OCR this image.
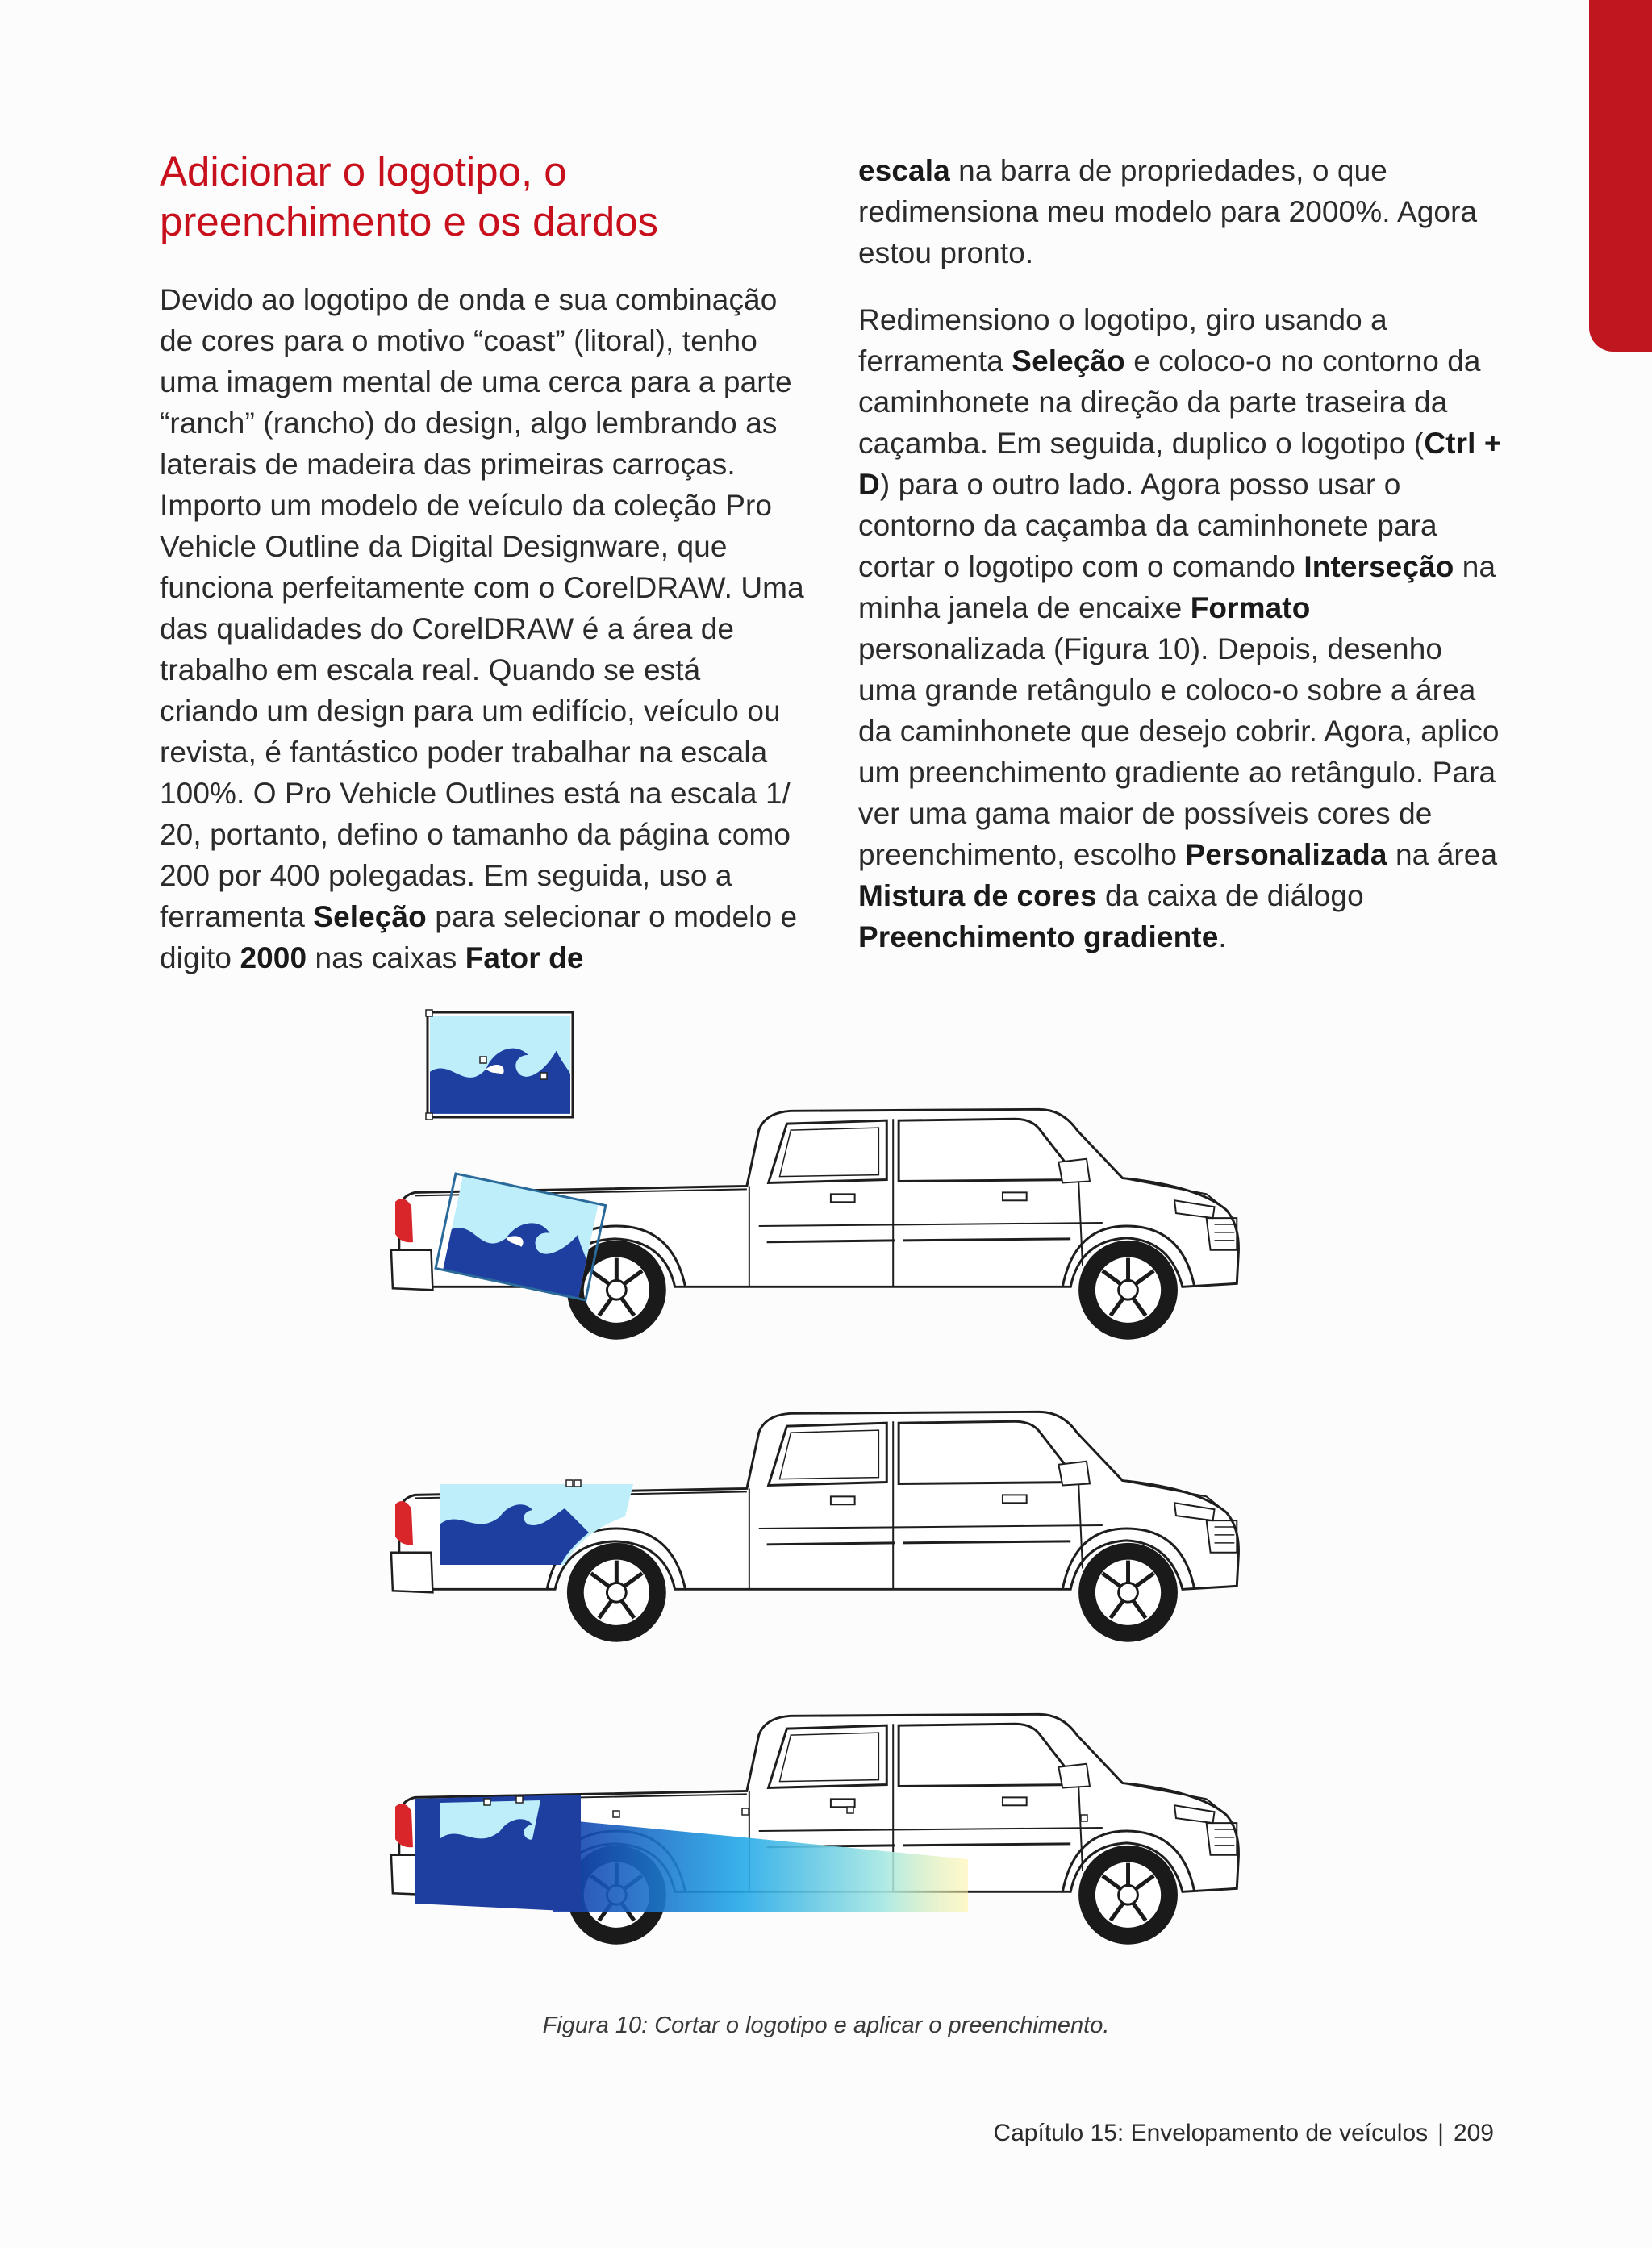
Adicionar o logotipo, o preenchimento e os dardos

Devido ao logotipo de onda e sua combinação de cores para o motivo “coast” (litoral), tenho uma imagem mental de uma cerca para a parte “ranch” (rancho) do design, algo lembrando as laterais de madeira das primeiras carroças. Importo um modelo de veículo da coleção Pro Vehicle Outline da Digital Designware, que funciona perfeitamente com o CorelDRAW. Uma das qualidades do CorelDRAW é a área de trabalho em escala real. Quando se está criando um design para um edifício, veículo ou revista, é fantástico poder trabalhar na escala 100%. O Pro Vehicle Outlines está na escala 1/ 20, portanto, defino o tamanho da página como 200 por 400 polegadas. Em seguida, uso a ferramenta Seleção para selecionar o modelo e digito 2000 nas caixas Fator de

escala na barra de propriedades, o que redimensiona meu modelo para 2000%. Agora estou pronto.

Redimensiono o logotipo, giro usando a ferramenta Seleção e coloco-o no contorno da caminhonete na direção da parte traseira da caçamba. Em seguida, duplico o logotipo (Ctrl + D) para o outro lado. Agora posso usar o contorno da caçamba da caminhonete para cortar o logotipo com o comando Interseção na minha janela de encaixe Formato personalizada (Figura 10). Depois, desenho uma grande retângulo e coloco-o sobre a área da caminhonete que desejo cobrir. Agora, aplico um preenchimento gradiente ao retângulo. Para ver uma gama maior de possíveis cores de preenchimento, escolho Personalizada na área Mistura de cores da caixa de diálogo Preenchimento gradiente.

Figura 10: Cortar o logotipo e aplicar o preenchimento.
Capítulo 15: Envelopamento de veículos | 209
